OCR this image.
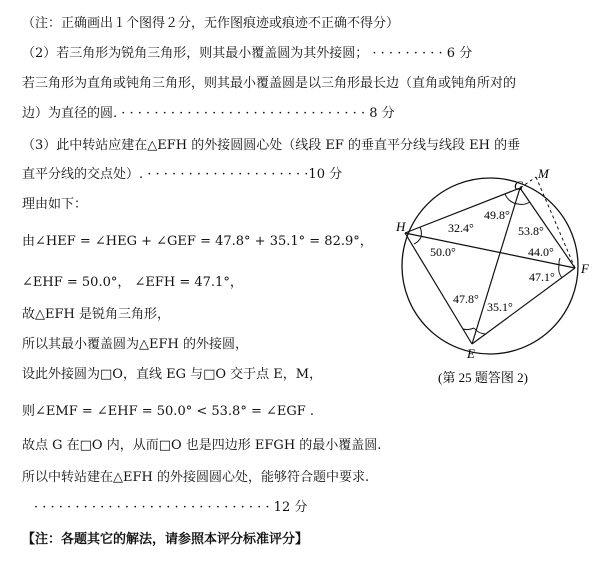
（注：正确画出１个图得２分，无作图痕迹或痕迹不正确不得分）
（2）若三角形为锐角三角形，则其最小覆盖圆为其外接圆； · · · · · · · · · 6 分
若三角形为直角或钝角三角形，则其最小覆盖圆是以三角形最长边（直角或钝角所对的
边）为直径的圆. · · · · · · · · · · · · · · · · · · · · · · · · · · · · · · 8 分
（3）此中转站应建在△EFH 的外接圆圆心处（线段 EF 的垂直平分线与线段 EH 的垂
直平分线的交点处）. · · · · · · · · · · · · · · · · · · · ·10 分
理由如下：
由∠HEF = ∠HEG + ∠GEF = 47.8° + 35.1° = 82.9°，
∠EHF = 50.0°， ∠EFH = 47.1°，
故△EFH 是锐角三角形，
所以其最小覆盖圆为△EFH 的外接圆，
设此外接圆为□O，直线 EG 与□O 交于点 E，M，
则∠EMF = ∠EHF = 50.0° < 53.8° = ∠EGF .
故点 G 在□O 内，从而□O 也是四边形 EFGH 的最小覆盖圆.
所以中转站建在△EFH 的外接圆圆心处，能够符合题中要求.
· · · · · · · · · · · · · · · · · · · · · · · · · · · · · 12 分
【注：各题其它的解法，请参照本评分标准评分】
H
G
M
F
E
32.4°
49.8°
53.8°
50.0°	44.0°
47.1°
47.8°
35.1°
(第 25 题答图 2)
